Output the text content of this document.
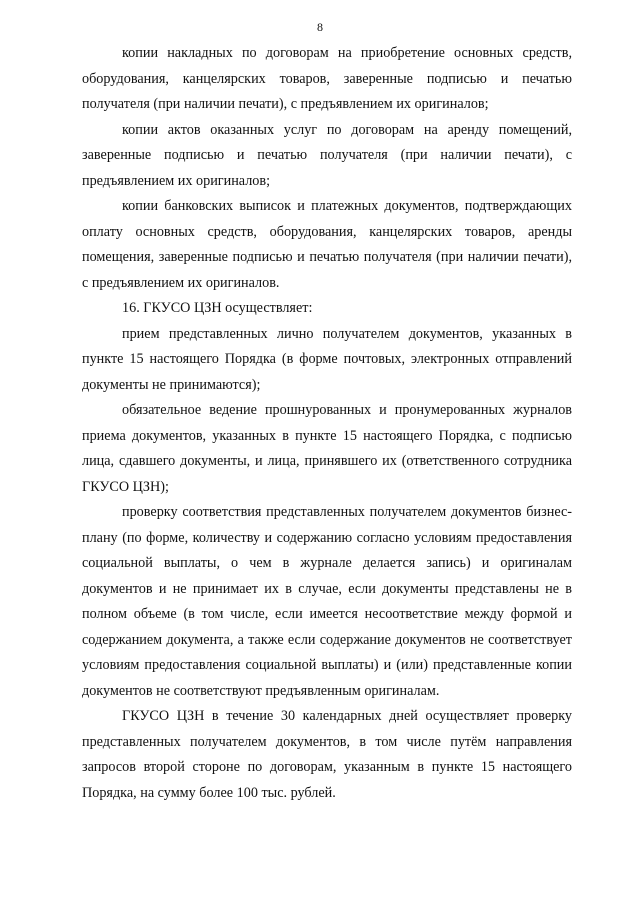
8

копии накладных по договорам на приобретение основных средств, оборудования, канцелярских товаров, заверенные подписью и печатью получателя (при наличии печати), с предъявлением их оригиналов;

копии актов оказанных услуг по договорам на аренду помещений, заверенные подписью и печатью получателя (при наличии печати), с предъявлением их оригиналов;

копии банковских выписок и платежных документов, подтверждающих оплату основных средств, оборудования, канцелярских товаров, аренды помещения, заверенные подписью и печатью получателя (при наличии печати), с предъявлением их оригиналов.

16. ГКУСО ЦЗН осуществляет:

прием представленных лично получателем документов, указанных в пункте 15 настоящего Порядка (в форме почтовых, электронных отправлений документы не принимаются);

обязательное ведение прошнурованных и пронумерованных журналов приема документов, указанных в пункте 15 настоящего Порядка, с подписью лица, сдавшего документы, и лица, принявшего их (ответственного сотрудника ГКУСО ЦЗН);

проверку соответствия представленных получателем документов бизнес-плану (по форме, количеству и содержанию согласно условиям предоставления социальной выплаты, о чем в журнале делается запись) и оригиналам документов и не принимает их в случае, если документы представлены не в полном объеме (в том числе, если имеется несоответствие между формой и содержанием документа, а также если содержание документов не соответствует условиям предоставления социальной выплаты) и (или) представленные копии документов не соответствуют предъявленным оригиналам.

ГКУСО ЦЗН в течение 30 календарных дней осуществляет проверку представленных получателем документов, в том числе путём направления запросов второй стороне по договорам, указанным в пункте 15 настоящего Порядка, на сумму более 100 тыс. рублей.
